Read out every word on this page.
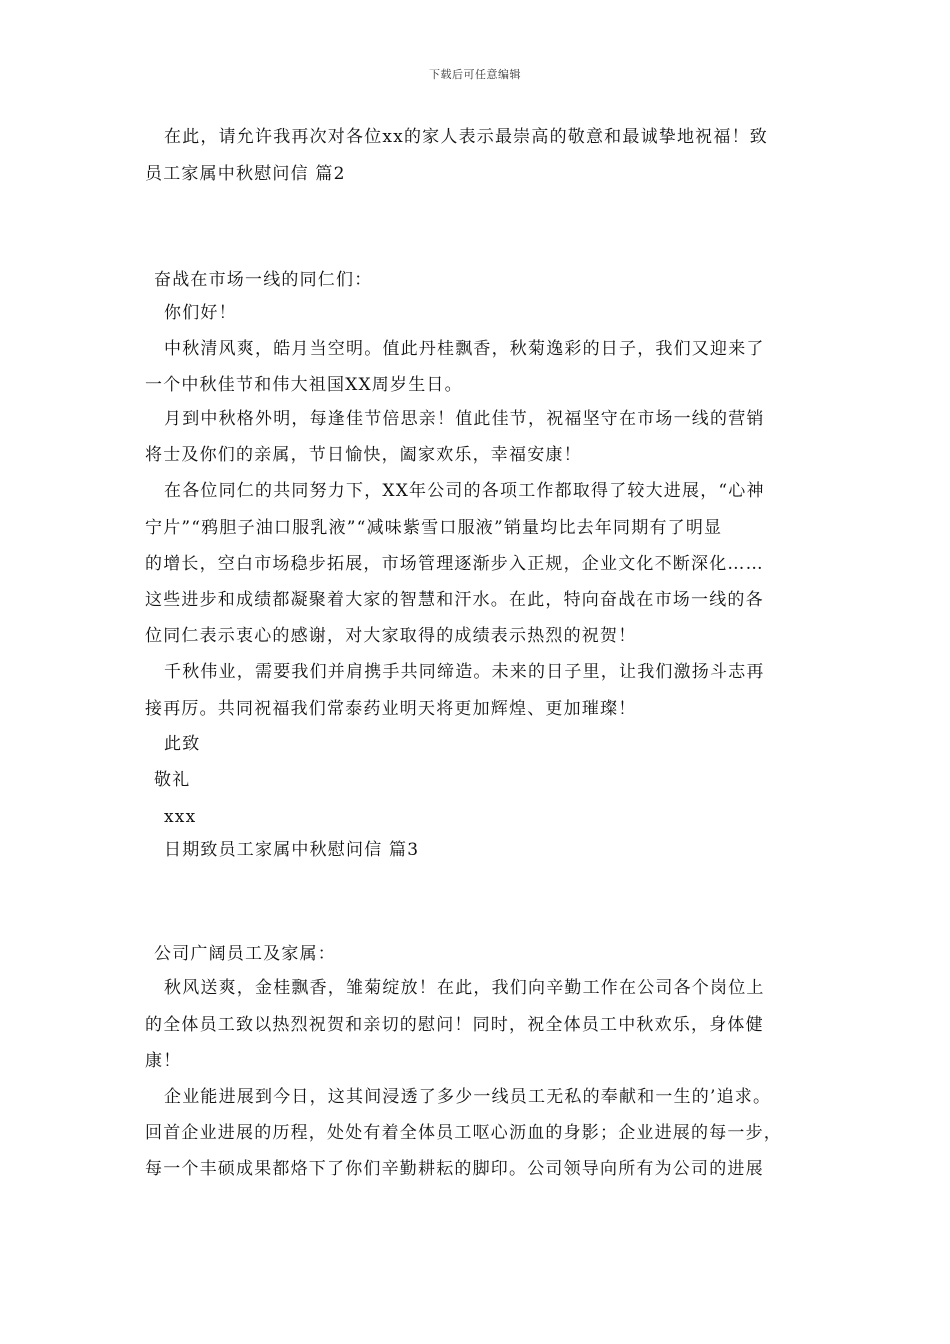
下载后可任意编辑
在此，请允许我再次对各位xx的家人表示最崇高的敬意和最诚挚地祝福！致
员工家属中秋慰问信 篇2
奋战在市场一线的同仁们：
你们好！
中秋清风爽，皓月当空明。值此丹桂飘香，秋菊逸彩的日子，我们又迎来了
一个中秋佳节和伟大祖国XX周岁生日。
月到中秋格外明，每逢佳节倍思亲！值此佳节，祝福坚守在市场一线的营销
将士及你们的亲属，节日愉快，阖家欢乐，幸福安康！
在各位同仁的共同努力下，XX年公司的各项工作都取得了较大进展，“心神
宁片”“鸦胆子油口服乳液”“减味紫雪口服液”销量均比去年同期有了明显
的增长，空白市场稳步拓展，市场管理逐渐步入正规，企业文化不断深化……
这些进步和成绩都凝聚着大家的智慧和汗水。在此，特向奋战在市场一线的各
位同仁表示衷心的感谢，对大家取得的成绩表示热烈的祝贺！
千秋伟业，需要我们并肩携手共同缔造。未来的日子里，让我们激扬斗志再
接再厉。共同祝福我们常泰药业明天将更加辉煌、更加璀璨！
此致
敬礼
xxx
日期致员工家属中秋慰问信 篇3
公司广阔员工及家属：
秋风送爽，金桂飘香，雏菊绽放！在此，我们向辛勤工作在公司各个岗位上
的全体员工致以热烈祝贺和亲切的慰问！同时，祝全体员工中秋欢乐，身体健
康！
企业能进展到今日，这其间浸透了多少一线员工无私的奉献和一生的’追求。
回首企业进展的历程，处处有着全体员工呕心沥血的身影；企业进展的每一步，
每一个丰硕成果都烙下了你们辛勤耕耘的脚印。公司领导向所有为公司的进展
